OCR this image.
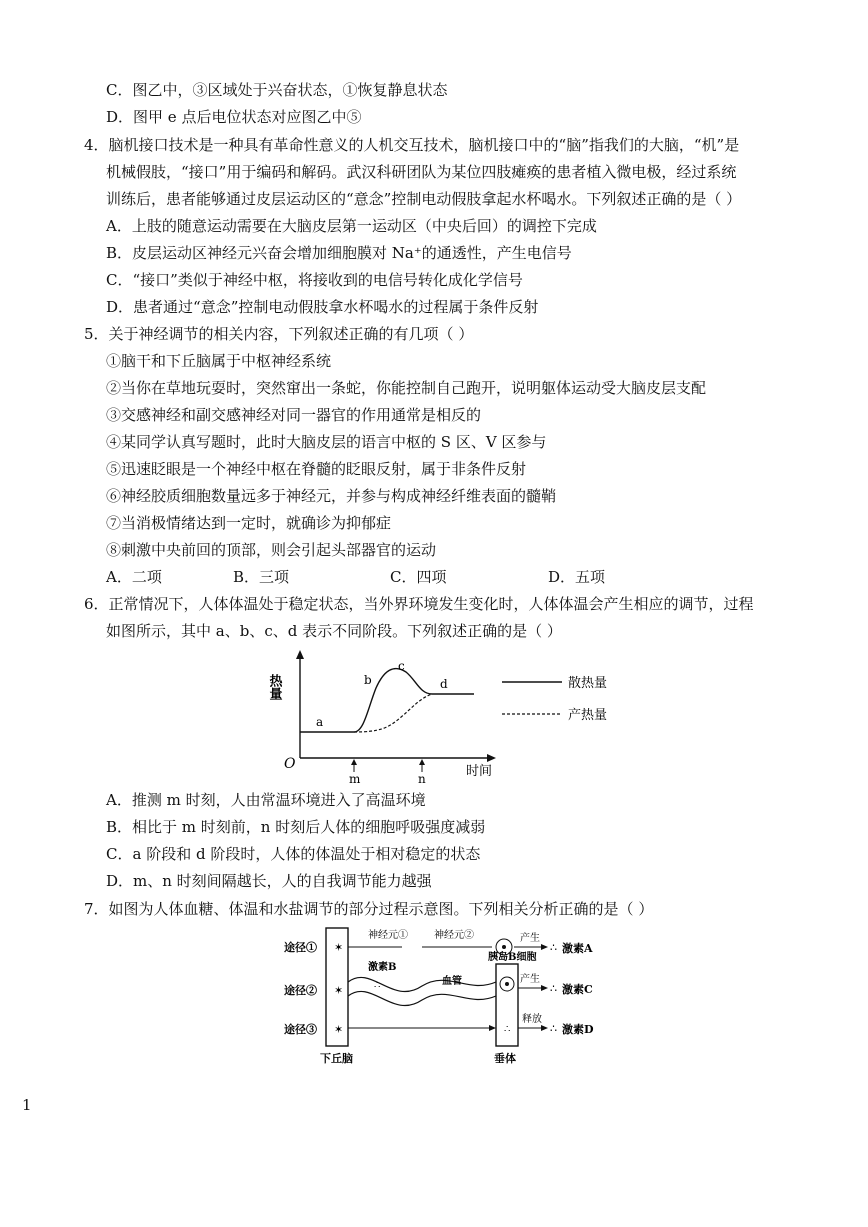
C．图乙中，③区域处于兴奋状态，①恢复静息状态
D．图甲 e 点后电位状态对应图乙中⑤
4．脑机接口技术是一种具有革命性意义的人机交互技术，脑机接口中的“脑”指我们的大脑，“机”是
机械假肢，“接口”用于编码和解码。武汉科研团队为某位四肢瘫痪的患者植入微电极，经过系统
训练后，患者能够通过皮层运动区的“意念”控制电动假肢拿起水杯喝水。下列叙述正确的是（ ）
A．上肢的随意运动需要在大脑皮层第一运动区（中央后回）的调控下完成
B．皮层运动区神经元兴奋会增加细胞膜对 Na⁺的通透性，产生电信号
C．“接口”类似于神经中枢，将接收到的电信号转化成化学信号
D．患者通过“意念”控制电动假肢拿水杯喝水的过程属于条件反射
5．关于神经调节的相关内容，下列叙述正确的有几项（ ）
①脑干和下丘脑属于中枢神经系统
②当你在草地玩耍时，突然窜出一条蛇，你能控制自己跑开，说明躯体运动受大脑皮层支配
③交感神经和副交感神经对同一器官的作用通常是相反的
④某同学认真写题时，此时大脑皮层的语言中枢的 S 区、V 区参与
⑤迅速眨眼是一个神经中枢在脊髓的眨眼反射，属于非条件反射
⑥神经胶质细胞数量远多于神经元，并参与构成神经纤维表面的髓鞘
⑦当消极情绪达到一定时，就确诊为抑郁症
⑧刺激中央前回的顶部，则会引起头部器官的运动
A．二项	B．三项	C．四项	D．五项
6．正常情况下，人体体温处于稳定状态，当外界环境发生变化时，人体体温会产生相应的调节，过程
如图所示，其中 a、b、c、d 表示不同阶段。下列叙述正确的是（ ）
热量
时间
O
a
b
c
d
m	n
散热量
产热量
A．推测 m 时刻，人由常温环境进入了高温环境
B．相比于 m 时刻前，n 时刻后人体的细胞呼吸强度减弱
C．a 阶段和 d 阶段时，人体的体温处于相对稳定的状态
D．m、n 时刻间隔越长，人的自我调节能力越强
7．如图为人体血糖、体温和水盐调节的部分过程示意图。下列相关分析正确的是（ ）
途径①
途径②
途径③
✶
✶
✶
神经元①	神经元②	产生
∴ 激素A
激素B
∴	血管
胰岛B细胞
产生
∴ 激素C
∴
释放
∴ 激素D
下丘脑	垂体
1
